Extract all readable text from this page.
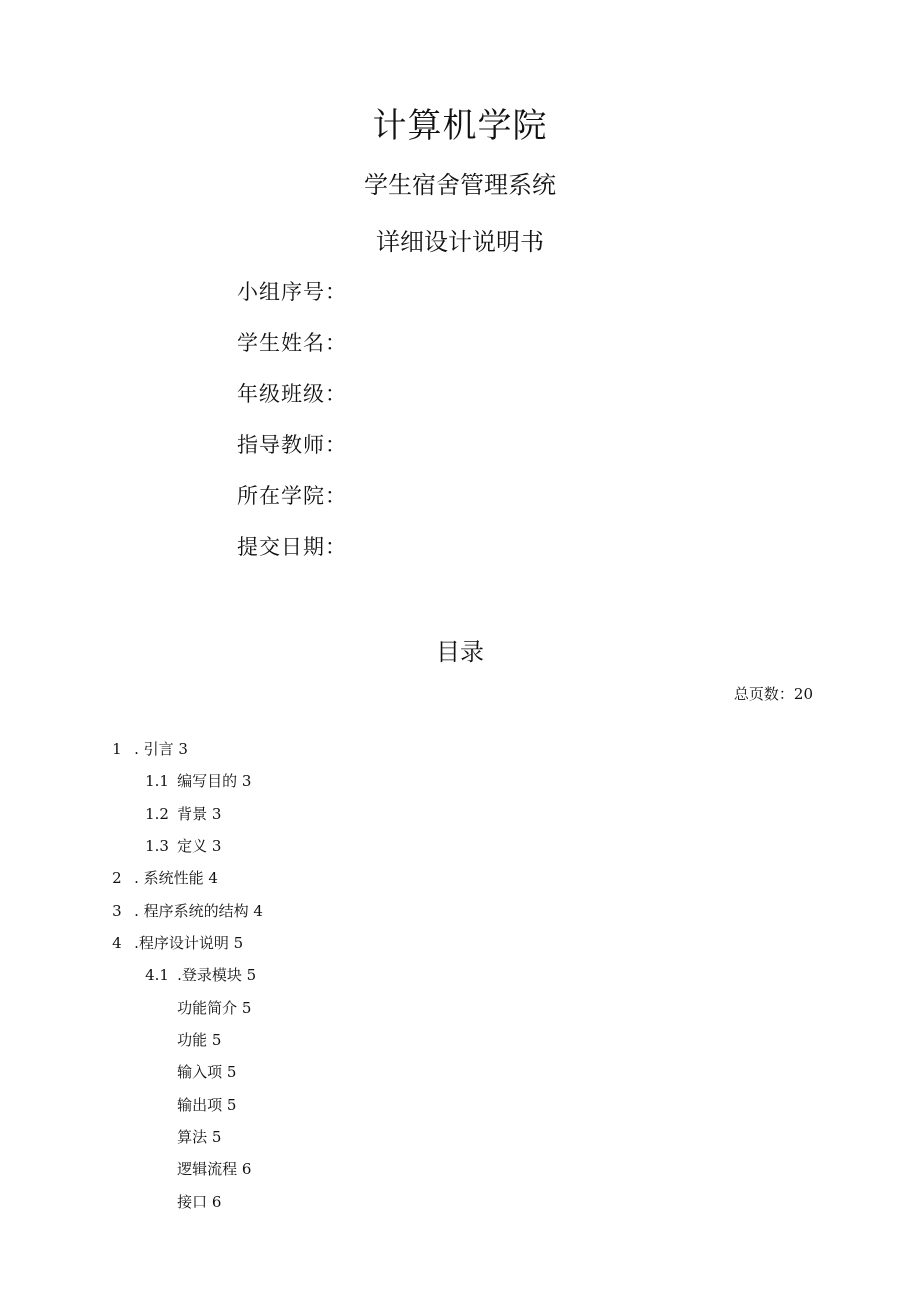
计算机学院
学生宿舍管理系统
详细设计说明书
小组序号：
学生姓名：
年级班级：
指导教师：
所在学院：
提交日期：
目录
总页数：20

1 . 引言 3

1.1 编写目的 3

1.2 背景 3

1.3 定义 3

2 . 系统性能 4

3 . 程序系统的结构 4

4 .程序设计说明 5

4.1 .登录模块 5

功能简介 5

功能 5

输入项 5

输出项 5

算法 5

逻辑流程 6

接口 6
